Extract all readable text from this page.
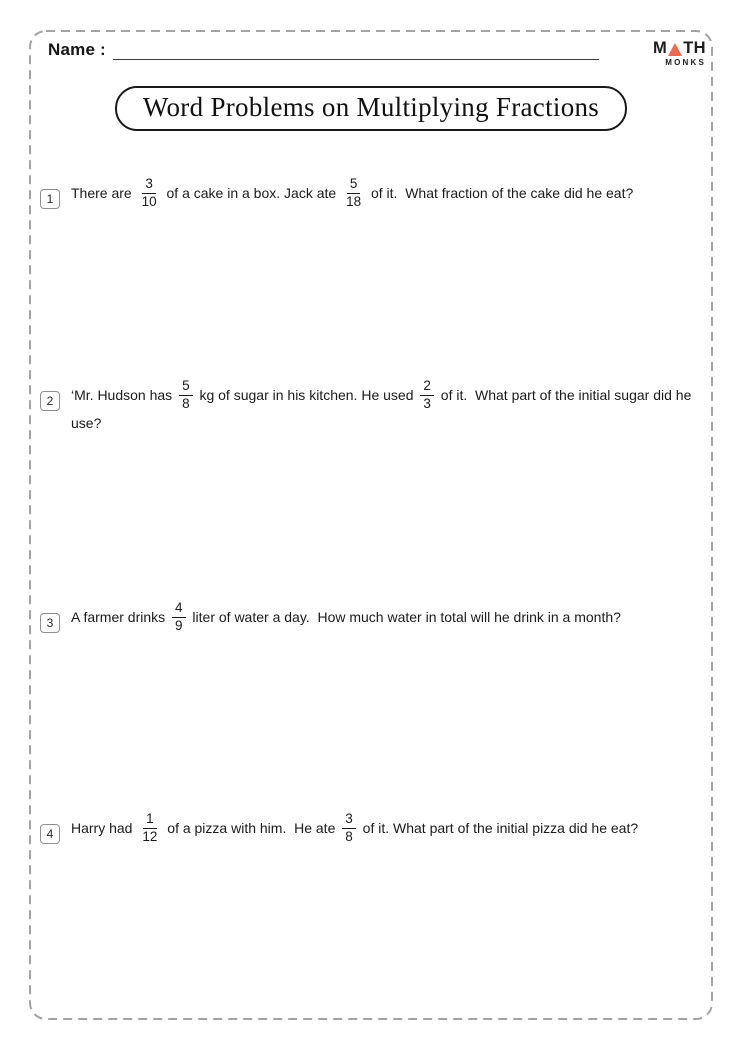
Name :	M TH
MONKS
Word Problems on Multiplying Fractions
1	There are $\frac{3}{10}$ of a cake in a box. Jack ate $\frac{5}{18}$ of it.  What fraction of the cake did he eat?
2	‘Mr. Hudson has $\frac{5}{8}$ kg of sugar in his kitchen. He used $\frac{2}{3}$ of it.  What part of the initial sugar did he use?
3	A farmer drinks $\frac{4}{9}$ liter of water a day.  How much water in total will he drink in a month?
4	Harry had $\frac{1}{12}$ of a pizza with him.  He ate $\frac{3}{8}$ of it. What part of the initial pizza did he eat?
